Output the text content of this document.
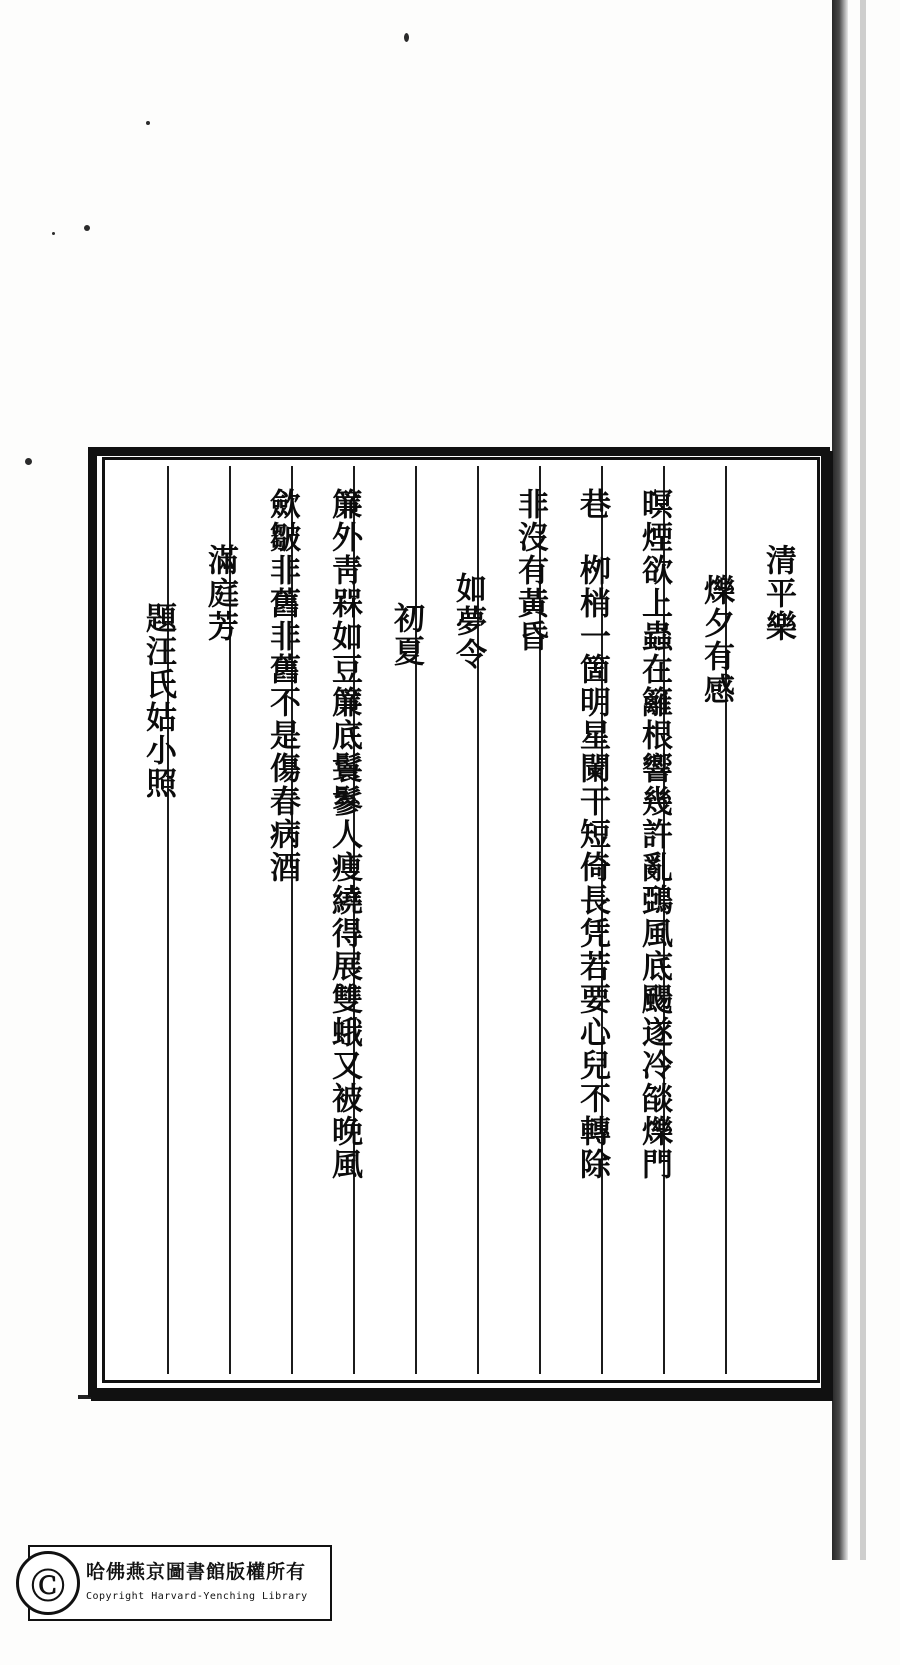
清平樂
爍夕有感
暝煙欲上蟲在籬根響幾許亂鵶風底颺遂冷燄爍門
巷　栁梢一箇明星闌干短倚長凭若要心兒不轉除
非沒有黃昏
如夢令
初夏
簾外靑槑如豆簾底鬟鬖人痩繞得展雙蛾又被晚風
歛皺非舊非舊不是傷春病酒
滿庭芳
題汪氏姑小照
Ⓒ	哈佛燕京圖書館版權所有
Copyright Harvard-Yenching Library
